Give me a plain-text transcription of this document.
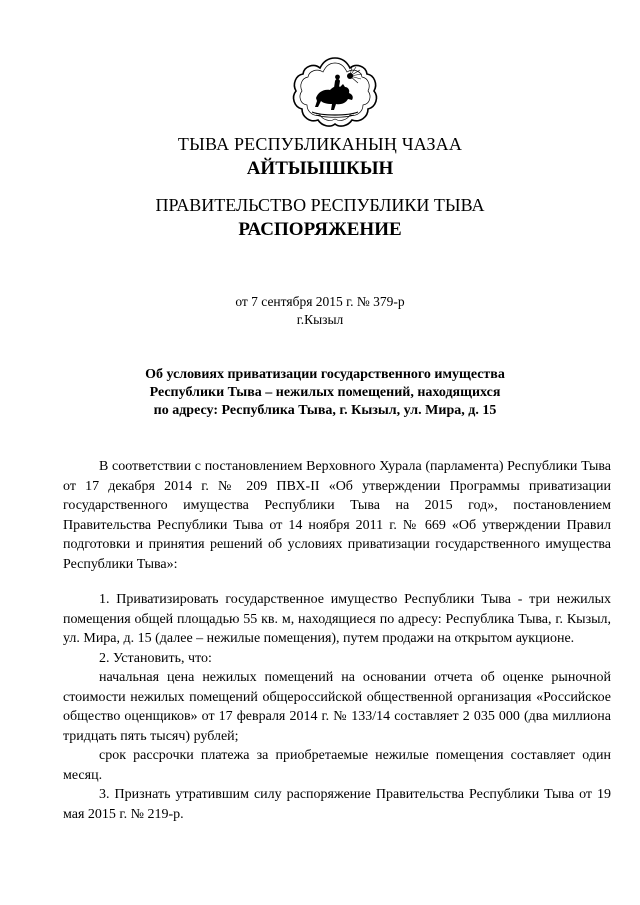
ТЫВА РЕСПУБЛИКАНЫҢ ЧАЗАА
АЙТЫЫШКЫН
ПРАВИТЕЛЬСТВО РЕСПУБЛИКИ ТЫВА
РАСПОРЯЖЕНИЕ
от 7 сентября 2015 г. № 379-р
г.Кызыл
Об условиях приватизации государственного имущества
Республики Тыва – нежилых помещений, находящихся
по адресу: Республика Тыва, г. Кызыл, ул. Мира, д. 15

В соответствии с постановлением Верховного Хурала (парламента) Республики Тыва от 17 декабря 2014 г. № 209 ПВХ-II «Об утверждении Программы приватизации государственного имущества Республики Тыва на 2015 год», постановлением Правительства Республики Тыва от 14 ноября 2011 г. № 669 «Об утверждении Правил подготовки и принятия решений об условиях приватизации государственного имущества Республики Тыва»:

1. Приватизировать государственное имущество Республики Тыва - три нежилых помещения общей площадью 55 кв. м, находящиеся по адресу: Республика Тыва, г. Кызыл, ул. Мира, д. 15 (далее – нежилые помещения), путем продажи на открытом аукционе.

2. Установить, что:

начальная цена нежилых помещений на основании отчета об оценке рыночной стоимости нежилых помещений общероссийской общественной организация «Российское общество оценщиков» от 17 февраля 2014 г. № 133/14 составляет 2 035 000 (два миллиона тридцать пять тысяч) рублей;

срок рассрочки платежа за приобретаемые нежилые помещения составляет один месяц.

3. Признать утратившим силу распоряжение Правительства Республики Тыва от 19 мая 2015 г. № 219-р.
